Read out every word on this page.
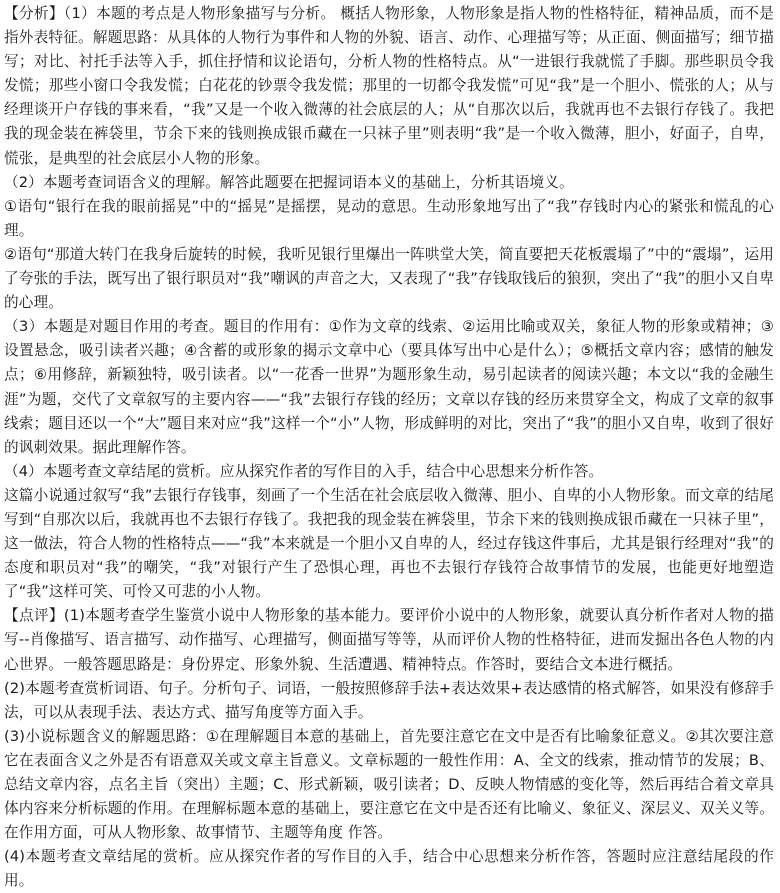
【分析】（1）本题的考点是人物形象描写与分析。 概括人物形象，人物形象是指人物的性格特征，精神品质，而不是指外表特征。解题思路：从具体的人物行为事件和人物的外貌、语言、动作、心理描写等；从正面、侧面描写；细节描写；对比、衬托手法等入手，抓住抒情和议论语句，分析人物的性格特点。从“一进银行我就慌了手脚。那些职员令我发慌；那些小窗口令我发慌；白花花的钞票令我发慌；那里的一切都令我发慌”可见“我”是一个胆小、慌张的人；从与经理谈开户存钱的事来看，“我”又是一个收入微薄的社会底层的人；从“自那次以后，我就再也不去银行存钱了。我把我的现金装在裤袋里，节余下来的钱则换成银币藏在一只袜子里”则表明“我”是一个收入微薄，胆小，好面子，自卑，慌张，是典型的社会底层小人物的形象。

（2）本题考查词语含义的理解。解答此题要在把握词语本义的基础上，分析其语境义。

①语句“银行在我的眼前摇晃”中的“摇晃”是摇摆，晃动的意思。生动形象地写出了“我”存钱时内心的紧张和慌乱的心理。

②语句“那道大转门在我身后旋转的时候，我听见银行里爆出一阵哄堂大笑，简直要把天花板震塌了”中的“震塌”，运用了夸张的手法，既写出了银行职员对“我”嘲讽的声音之大，又表现了“我”存钱取钱后的狼狈，突出了“我”的胆小又自卑的心理。

（3）本题是对题目作用的考查。题目的作用有：①作为文章的线索、②运用比喻或双关，象征人物的形象或精神；③设置悬念，吸引读者兴趣；④含蓄的或形象的揭示文章中心（要具体写出中心是什么）；⑤概括文章内容；感情的触发点；⑥用修辞，新颖独特，吸引读者。以“一花香一世界”为题形象生动，易引起读者的阅读兴趣；本文以“我的金融生涯”为题，交代了文章叙写的主要内容——“我”去银行存钱的经历；文章以存钱的经历来贯穿全文，构成了文章的叙事线索；题目还以一个“大”题目来对应“我”这样一个“小”人物，形成鲜明的对比，突出了“我”的胆小又自卑，收到了很好的讽刺效果。据此理解作答。

（4）本题考查文章结尾的赏析。应从探究作者的写作目的入手，结合中心思想来分析作答。

这篇小说通过叙写“我”去银行存钱事，刻画了一个生活在社会底层收入微薄、胆小、自卑的小人物形象。而文章的结尾写到“自那次以后，我就再也不去银行存钱了。我把我的现金装在裤袋里，节余下来的钱则换成银币藏在一只袜子里”，这一做法，符合人物的性格特点——“我”本来就是一个胆小又自卑的人，经过存钱这件事后，尤其是银行经理对“我”的态度和职员对“我”的嘲笑，“我”对银行产生了恐惧心理，再也不去银行存钱符合故事情节的发展，也能更好地塑造了“我”这样可笑、可怜又可悲的小人物。

【点评】(1)本题考查学生鉴赏小说中人物形象的基本能力。要评价小说中的人物形象，就要认真分析作者对人物的描写--肖像描写、语言描写、动作描写、心理描写，侧面描写等等，从而评价人物的性格特征，进而发掘出各色人物的内心世界。一般答题思路是：身份界定、形象外貌、生活遭遇、精神特点。作答时，要结合文本进行概括。

(2)本题考查赏析词语、句子。分析句子、词语，一般按照修辞手法+表达效果+表达感情的格式解答，如果没有修辞手法，可以从表现手法、表达方式、描写角度等方面入手。

(3)小说标题含义的解题思路：①在理解题目本意的基础上，首先要注意它在文中是否有比喻象征意义。②其次要注意它在表面含义之外是否有语意双关或文章主旨意义。文章标题的一般性作用：A、全文的线索，推动情节的发展；B、总结文章内容，点名主旨（突出）主题；C、形式新颖，吸引读者；D、反映人物情感的变化等，然后再结合着文章具体内容来分析标题的作用。在理解标题本意的基础上，要注意它在文中是否还有比喻义、象征义、深层义、双关义等。在作用方面，可从人物形象、故事情节、主题等角度 作答。

(4)本题考查文章结尾的赏析。应从探究作者的写作目的入手，结合中心思想来分析作答，答题时应注意结尾段的作用。
